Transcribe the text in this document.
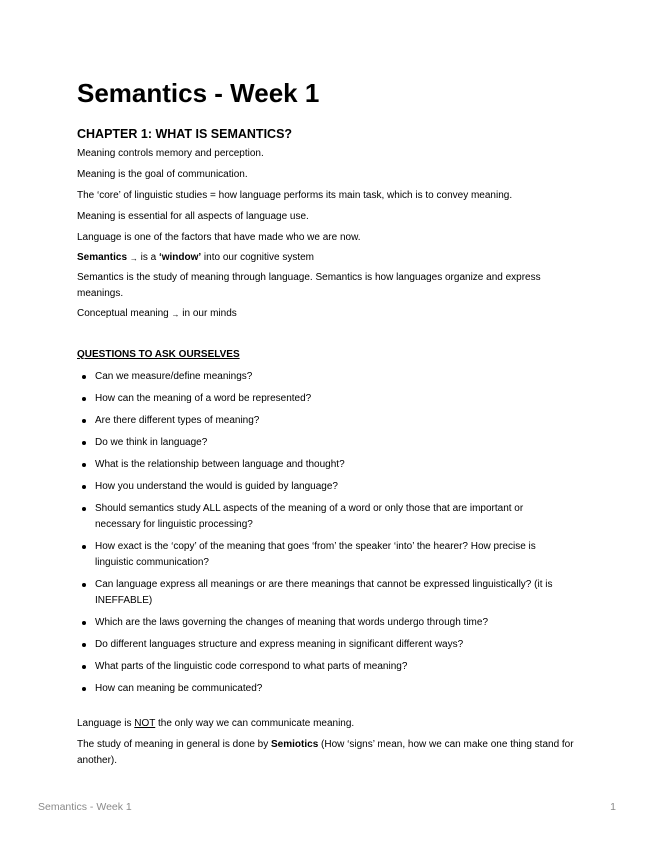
Semantics - Week 1
CHAPTER 1: WHAT IS SEMANTICS?

Meaning controls memory and perception.

Meaning is the goal of communication.

The ‘core’ of linguistic studies = how language performs its main task, which is to convey meaning.

Meaning is essential for all aspects of language use.

Language is one of the factors that have made who we are now.

Semantics → is a ‘window’ into our cognitive system

Semantics is the study of meaning through language. Semantics is how languages organize and express meanings.

Conceptual meaning → in our minds

QUESTIONS TO ASK OURSELVES

Can we measure/define meanings?
How can the meaning of a word be represented?
Are there different types of meaning?
Do we think in language?
What is the relationship between language and thought?
How you understand the would is guided by language?
Should semantics study ALL aspects of the meaning of a word or only those that are important or necessary for linguistic processing?
How exact is the ‘copy’ of the meaning that goes ‘from’ the speaker ‘into’ the hearer? How precise is linguistic communication?
Can language express all meanings or are there meanings that cannot be expressed linguistically? (it is INEFFABLE)
Which are the laws governing the changes of meaning that words undergo through time?
Do different languages structure and express meaning in significant different ways?
What parts of the linguistic code correspond to what parts of meaning?
How can meaning be communicated?

Language is NOT the only way we can communicate meaning.

The study of meaning in general is done by Semiotics (How ‘signs’ mean, how we can make one thing stand for another).

Semantics - Week 1	1
